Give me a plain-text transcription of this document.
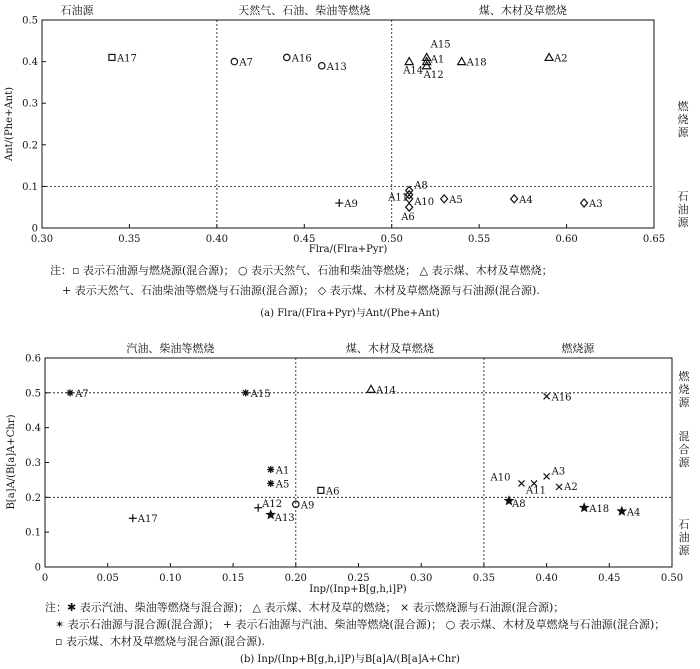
0.30	0.35	0.40	0.45	0.50	0.55	0.60	0.65
0
0.1
0.2
0.3
0.4
0.5
石油源	天然气、石油、柴油等燃烧	煤、木材及草燃烧
燃
烧
源
石
油
源
A17	A7	A16
A13
A15
A14
A1
A12
A18	A2
A9
A11
A8
A10
A6
A5	A4	A3
Ant/(Phe+Ant)
Flra/(Flra+Pyr)
注：▫ 表示石油源与燃烧源(混合源)； ○ 表示天然气、石油和柴油等燃烧； △ 表示煤、木材及草燃烧；
+ 表示天然气、石油柴油等燃烧与石油源(混合源)； ◇ 表示煤、木材及草燃烧源与石油源(混合源).
(a) Flra/(Flra+Pyr)与Ant/(Phe+Ant)
0	0.05	0.10	0.15	0.20	0.25	0.30	0.35	0.40	0.45	0.50
0
0.1
0.2
0.3
0.4
0.5
0.6
汽油、柴油等燃烧	煤、木材及草燃烧	燃烧源
燃
烧
源
混
合
源
石
油
源
A7	A15	A14
A16
A1
A5
A12
A13
A17
A9
A6
A10
A11
A3
A2
A8	A18 A4
B[a]A/(B[a]A+Chr)
Inp/(Inp+B[g,h,i]P)
注：✱ 表示汽油、柴油等燃烧与混合源)； △ 表示煤、木材及草的燃烧； × 表示燃烧源与石油源(混合源)；
✶ 表示石油源与混合源(混合源)； + 表示石油源与汽油、柴油等燃烧(混合源)； ○ 表示煤、木材及草燃烧与石油源(混合源)；
▫ 表示煤、木材及草燃烧与混合源(混合源).
(b) Inp/(Inp+B[g,h,i]P)与B[a]A/(B[a]A+Chr)
